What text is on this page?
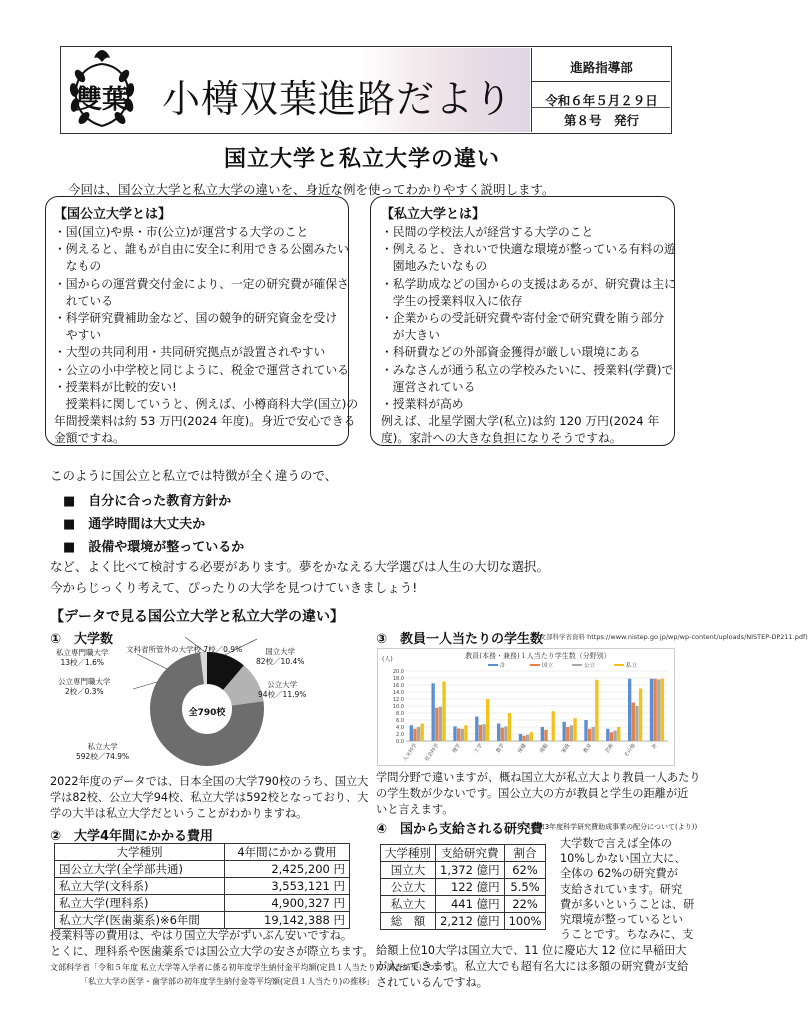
雙葉 小樽双葉進路だより
進路指導部
令和６年５月２９日
第８号　発行
国立大学と私立大学の違い
今回は、国公立大学と私立大学の違いを、身近な例を使ってわかりやすく説明します。
【国公立大学とは】
・国(国立)や県・市(公立)が運営する大学のこと
・例えると、誰もが自由に安全に利用できる公園みたい
　なもの
・国からの運営費交付金により、一定の研究費が確保さ
　れている
・科学研究費補助金など、国の競争的研究資金を受け
　やすい
・大型の共同利用・共同研究拠点が設置されやすい
・公立の小中学校と同じように、税金で運営されている
・授業料が比較的安い!
　授業料に関していうと、例えば、小樽商科大学(国立)の
年間授業料は約 53 万円(2024 年度)。身近で安心できる
金額ですね。
【私立大学とは】
・民間の学校法人が経営する大学のこと
・例えると、きれいで快適な環境が整っている有料の遊
　園地みたいなもの
・私学助成などの国からの支援はあるが、研究費は主に
　学生の授業料収入に依存
・企業からの受託研究費や寄付金で研究費を賄う部分
　が大きい
・科研費などの外部資金獲得が厳しい環境にある
・みなさんが通う私立の学校みたいに、授業料(学費)で
　運営されている
・授業料が高め
例えば、北星学園大学(私立)は約 120 万円(2024 年
度)。家計への大きな負担になりそうですね。
このように国公立と私立では特徴が全く違うので、
■　自分に合った教育方針か
■　通学時間は大丈夫か
■　設備や環境が整っているか
など、よく比べて検討する必要があります。夢をかなえる大学選びは人生の大切な選択。
今からじっくり考えて、ぴったりの大学を見つけていきましょう!
【データで見る国公立大学と私立大学の違い】
①　大学数
全790校
文科省所管外の大学校 7校／0.9%	国立大学
82校／10.4%
公立大学
94校／11.9%
私立大学
592校／74.9%
公立専門職大学
2校／0.3%
私立専門職大学
13校／1.6%
2022年度のデータでは、日本全国の大学790校のうち、国立大
学は82校、公立大学94校、私立大学は592校となっており、大
学の大半は私立大学だということがわかりますね。
②　大学4年間にかかる費用
大学種別	4年間にかかる費用
国公立大学(全学部共通)	2,425,200 円
私立大学(文科系)	3,553,121 円
私立大学(理科系)	4,900,327 円
私立大学(医歯薬系)※6年間	19,142,388 円
授業料等の費用は、やはり国立大学がずいぶん安いですね。
とくに、理科系や医歯薬系では国公立大学の安さが際立ちます。
文部科学省「令和５年度 私立大学等入学者に係る初年度学生納付金平均額(定員１人当たり)の調査結果について」
「私立大学の医学・歯学部の初年度学生納付金等平均額(定員１人当たり)の推移」
③　教員一人当たりの学生数
(文部科学省資料 https://www.nistep.go.jp/wp/wp-content/uploads/NISTEP-DP211.pdf)
教員(本務・兼務)１人当たり学生数（分野別）
(人)
0.0
2.0
4.0
6.0
8.0
10.0
12.0
14.0
16.0
18.0
20.0
人文科学 社会科学 理学 工学 農学 保健 商船 家政 教育 芸術 その他	計
計	国立	公立	私立
学問分野で違いますが、概ね国立大が私立大より教員一人あたり
の学生数が少ないです。国公立大の方が教員と学生の距離が近
いと言えます。
④　国から支給される研究費
(令和3年度科学研究費助成事業の配分について(より))
大学種別	支給研究費	割合
国立大	1,372 億円	62%
公立大	122 億円	5.5%
私立大	441 億円	22%
総　額	2,212 億円	100%
大学数で言えば全体の
10%しかない国立大に、
全体の 62%の研究費が
支給されています。研究
費が多いということは、研
究環境が整っているとい
うことです。ちなみに、支
給額上位10大学は国立大で、11 位に慶応大 12 位に早稲田大
が入ってきます。私立大でも超有名大には多額の研究費が支給
されているんですね。
